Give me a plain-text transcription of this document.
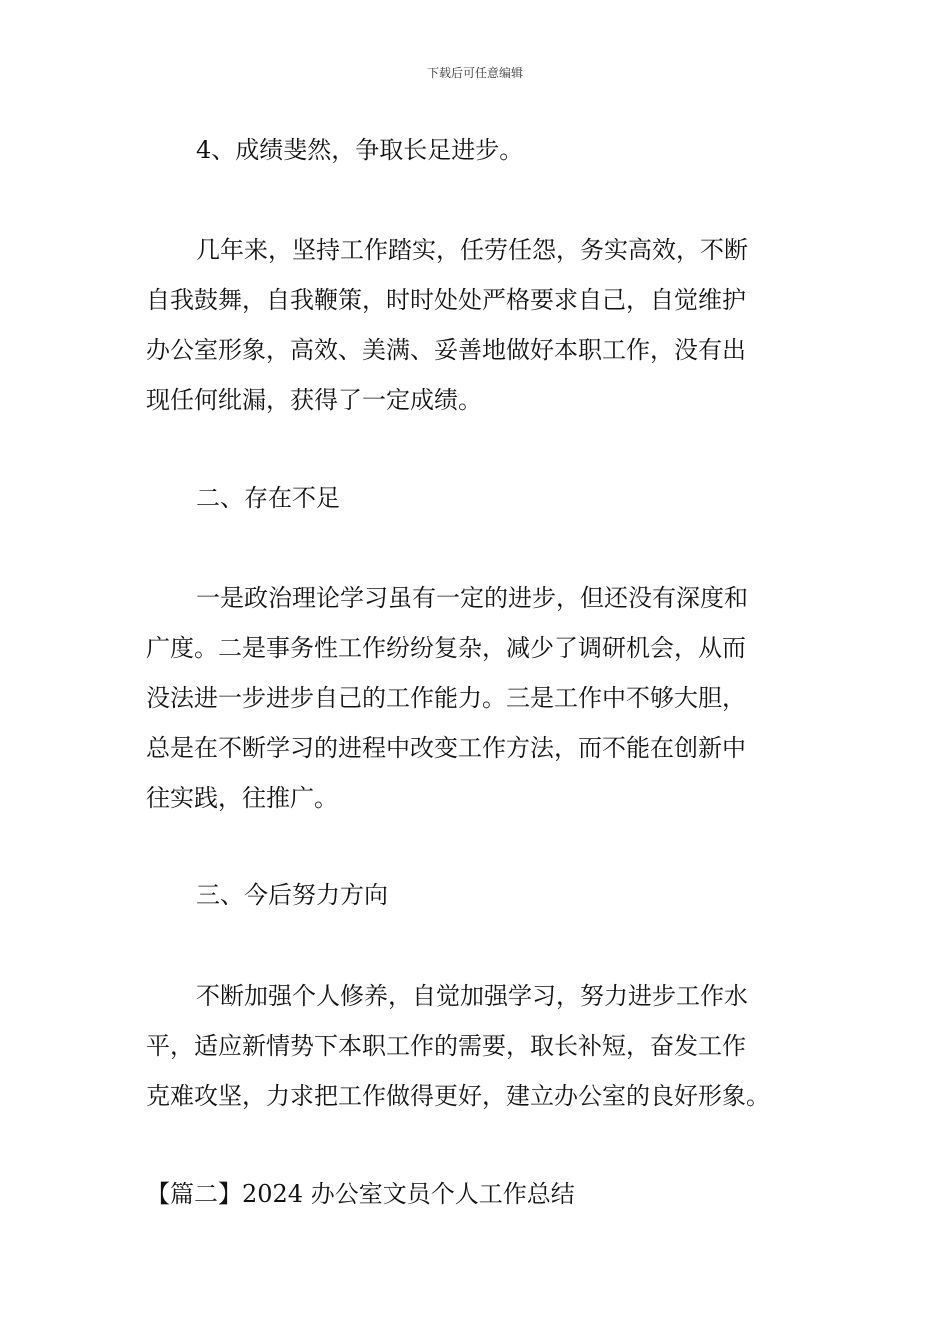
下载后可任意编辑
4、成绩斐然，争取长足进步。
几年来，坚持工作踏实，任劳任怨，务实高效，不断
自我鼓舞，自我鞭策，时时处处严格要求自己，自觉维护
办公室形象，高效、美满、妥善地做好本职工作，没有出
现任何纰漏，获得了一定成绩。
二、存在不足
一是政治理论学习虽有一定的进步，但还没有深度和
广度。二是事务性工作纷纷复杂，减少了调研机会，从而
没法进一步进步自己的工作能力。三是工作中不够大胆，
总是在不断学习的进程中改变工作方法，而不能在创新中
往实践，往推广。
三、今后努力方向
不断加强个人修养，自觉加强学习，努力进步工作水
平，适应新情势下本职工作的需要，取长补短，奋发工作
克难攻坚，力求把工作做得更好，建立办公室的良好形象。
【篇二】2024 办公室文员个人工作总结
